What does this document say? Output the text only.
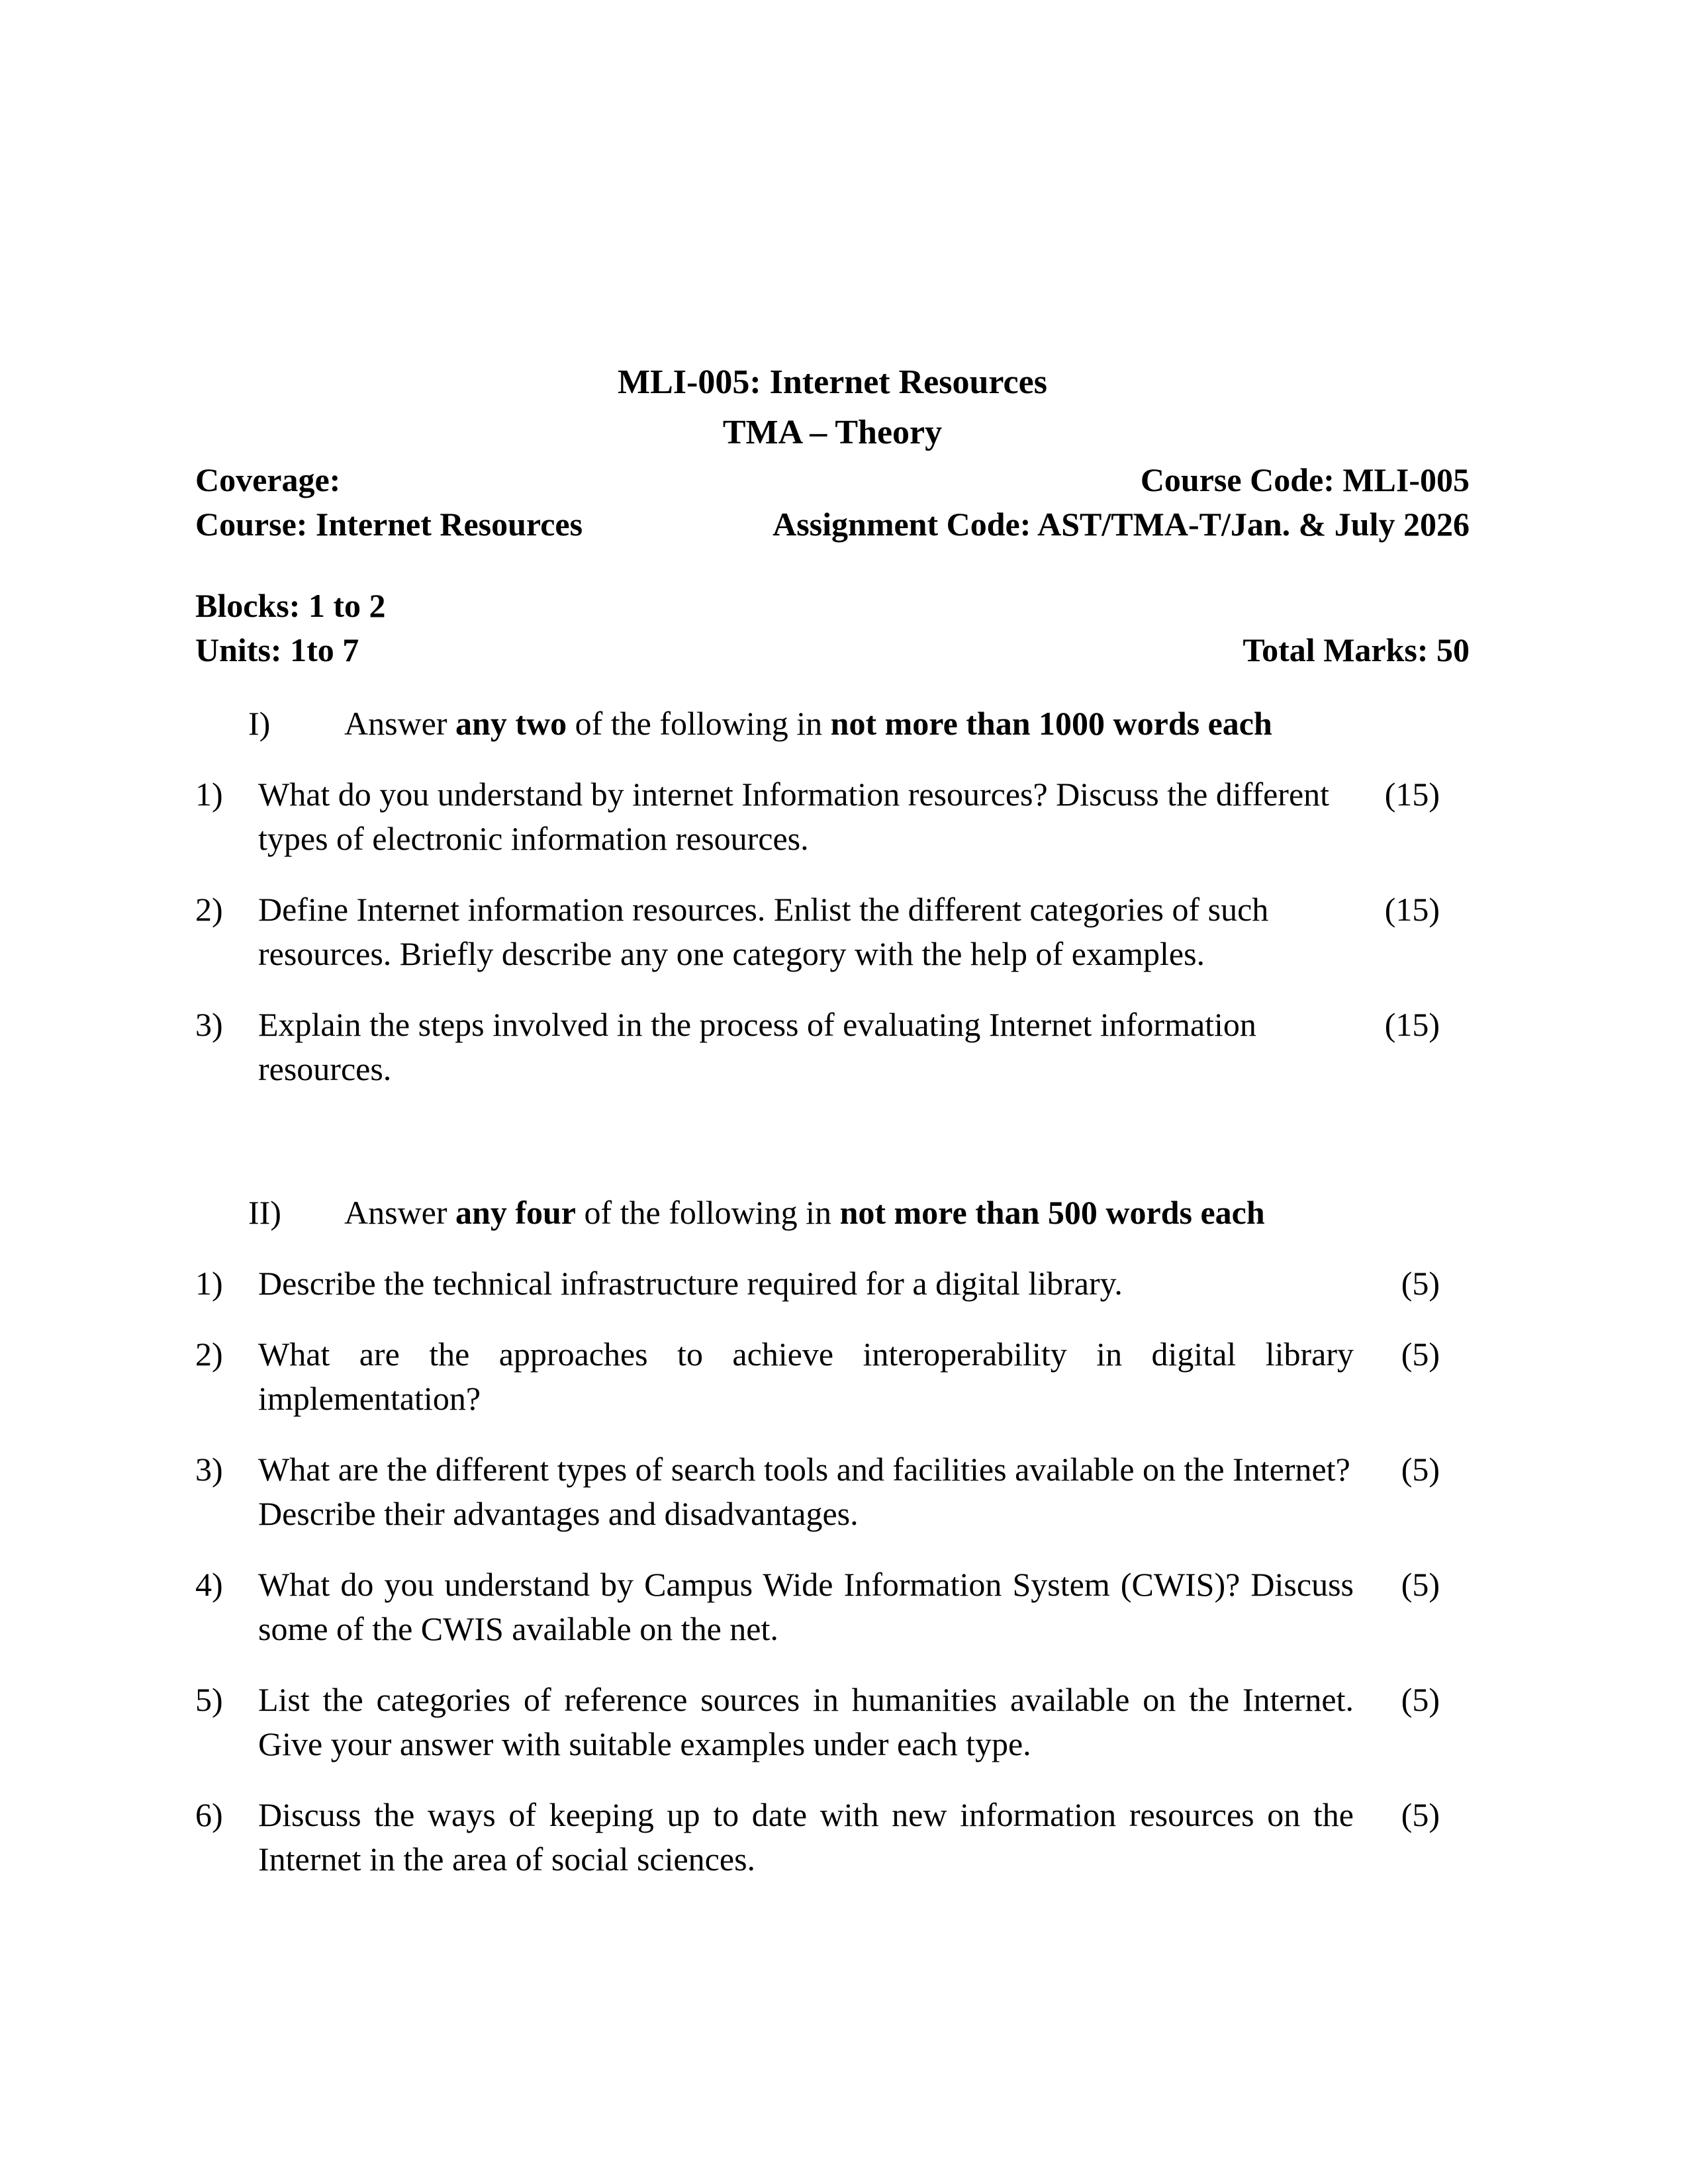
MLI-005: Internet Resources
TMA – Theory
Coverage:	Course Code: MLI-005
Course: Internet Resources	Assignment Code: AST/TMA-T/Jan. & July 2026
Blocks: 1 to 2
Units: 1to 7	Total Marks: 50
I) Answer any two of the following in not more than 1000 words each
1)	What do you understand by internet Information resources? Discuss the different types of electronic information resources.
(15)
2)	Define Internet information resources. Enlist the different categories of such resources. Briefly describe any one category with the help of examples.
(15)
3)	Explain the steps involved in the process of evaluating Internet information resources.
(15)
II) Answer any four of the following in not more than 500 words each
1)	Describe the technical infrastructure required for a digital library.	(5)
2)	What are the approaches to achieve interoperability in digital library implementation?
(5)
3)	What are the different types of search tools and facilities available on the Internet? Describe their advantages and disadvantages.
(5)
4)	What do you understand by Campus Wide Information System (CWIS)? Discuss some of the CWIS available on the net.
(5)
5)	List the categories of reference sources in humanities available on the Internet. Give your answer with suitable examples under each type.
(5)
6)	Discuss the ways of keeping up to date with new information resources on the Internet in the area of social sciences.
(5)
